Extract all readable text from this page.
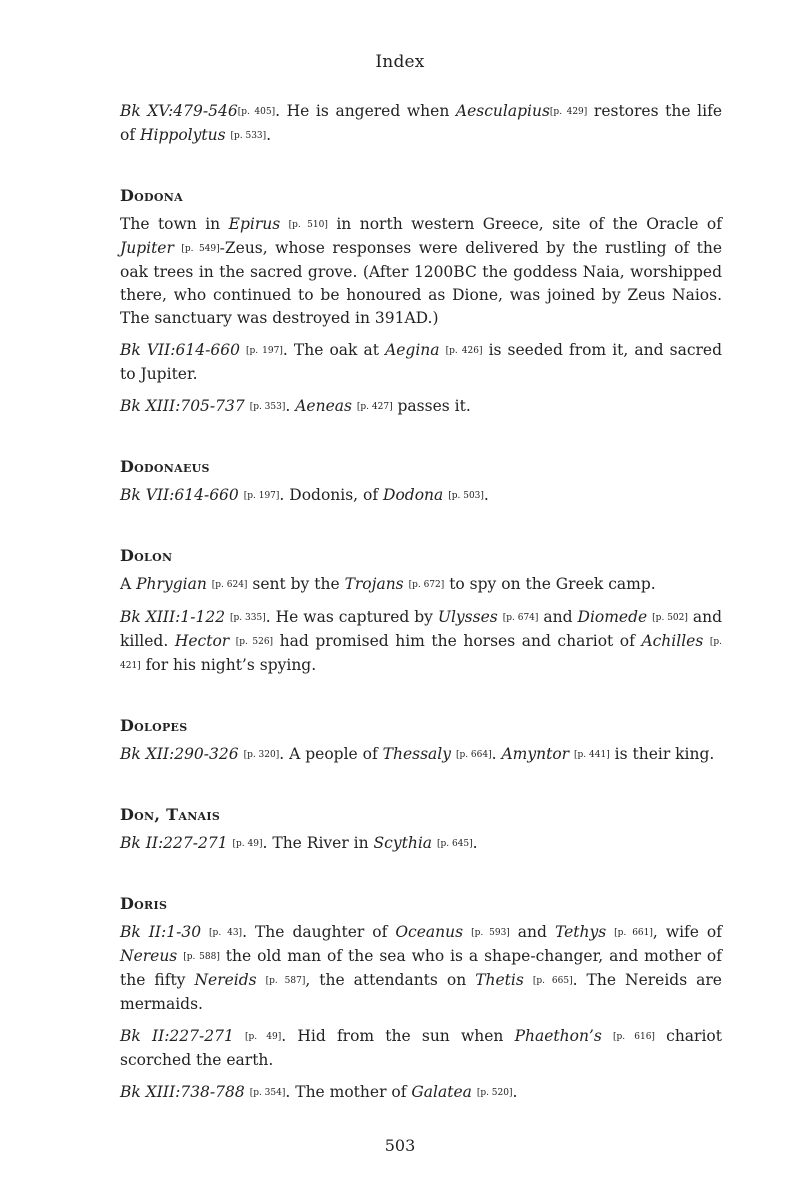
Index

Bk XV:479-546[p. 405]. He is angered when Aesculapius[p. 429] restores the life of Hippolytus [p. 533].

Dodona

The town in Epirus [p. 510] in north western Greece, site of the Oracle of Jupiter [p. 549]-Zeus, whose responses were delivered by the rustling of the oak trees in the sacred grove. (After 1200BC the goddess Naia, worshipped there, who continued to be honoured as Dione, was joined by Zeus Naios. The sanctuary was destroyed in 391AD.)

Bk VII:614-660 [p. 197]. The oak at Aegina [p. 426] is seeded from it, and sacred to Jupiter.

Bk XIII:705-737 [p. 353]. Aeneas [p. 427] passes it.

Dodonaeus

Bk VII:614-660 [p. 197]. Dodonis, of Dodona [p. 503].

Dolon

A Phrygian [p. 624] sent by the Trojans [p. 672] to spy on the Greek camp.

Bk XIII:1-122 [p. 335]. He was captured by Ulysses [p. 674] and Diomede [p. 502] and killed. Hector [p. 526] had promised him the horses and chariot of Achilles [p. 421] for his night’s spying.

Dolopes

Bk XII:290-326 [p. 320]. A people of Thessaly [p. 664]. Amyntor [p. 441] is their king.

Don, Tanais

Bk II:227-271 [p. 49]. The River in Scythia [p. 645].

Doris

Bk II:1-30 [p. 43]. The daughter of Oceanus [p. 593] and Tethys [p. 661], wife of Nereus [p. 588] the old man of the sea who is a shape-changer, and mother of the fifty Nereids [p. 587], the attendants on Thetis [p. 665]. The Nereids are mermaids.

Bk II:227-271 [p. 49]. Hid from the sun when Phaethon’s [p. 616] chariot scorched the earth.

Bk XIII:738-788 [p. 354]. The mother of Galatea [p. 520].

503
